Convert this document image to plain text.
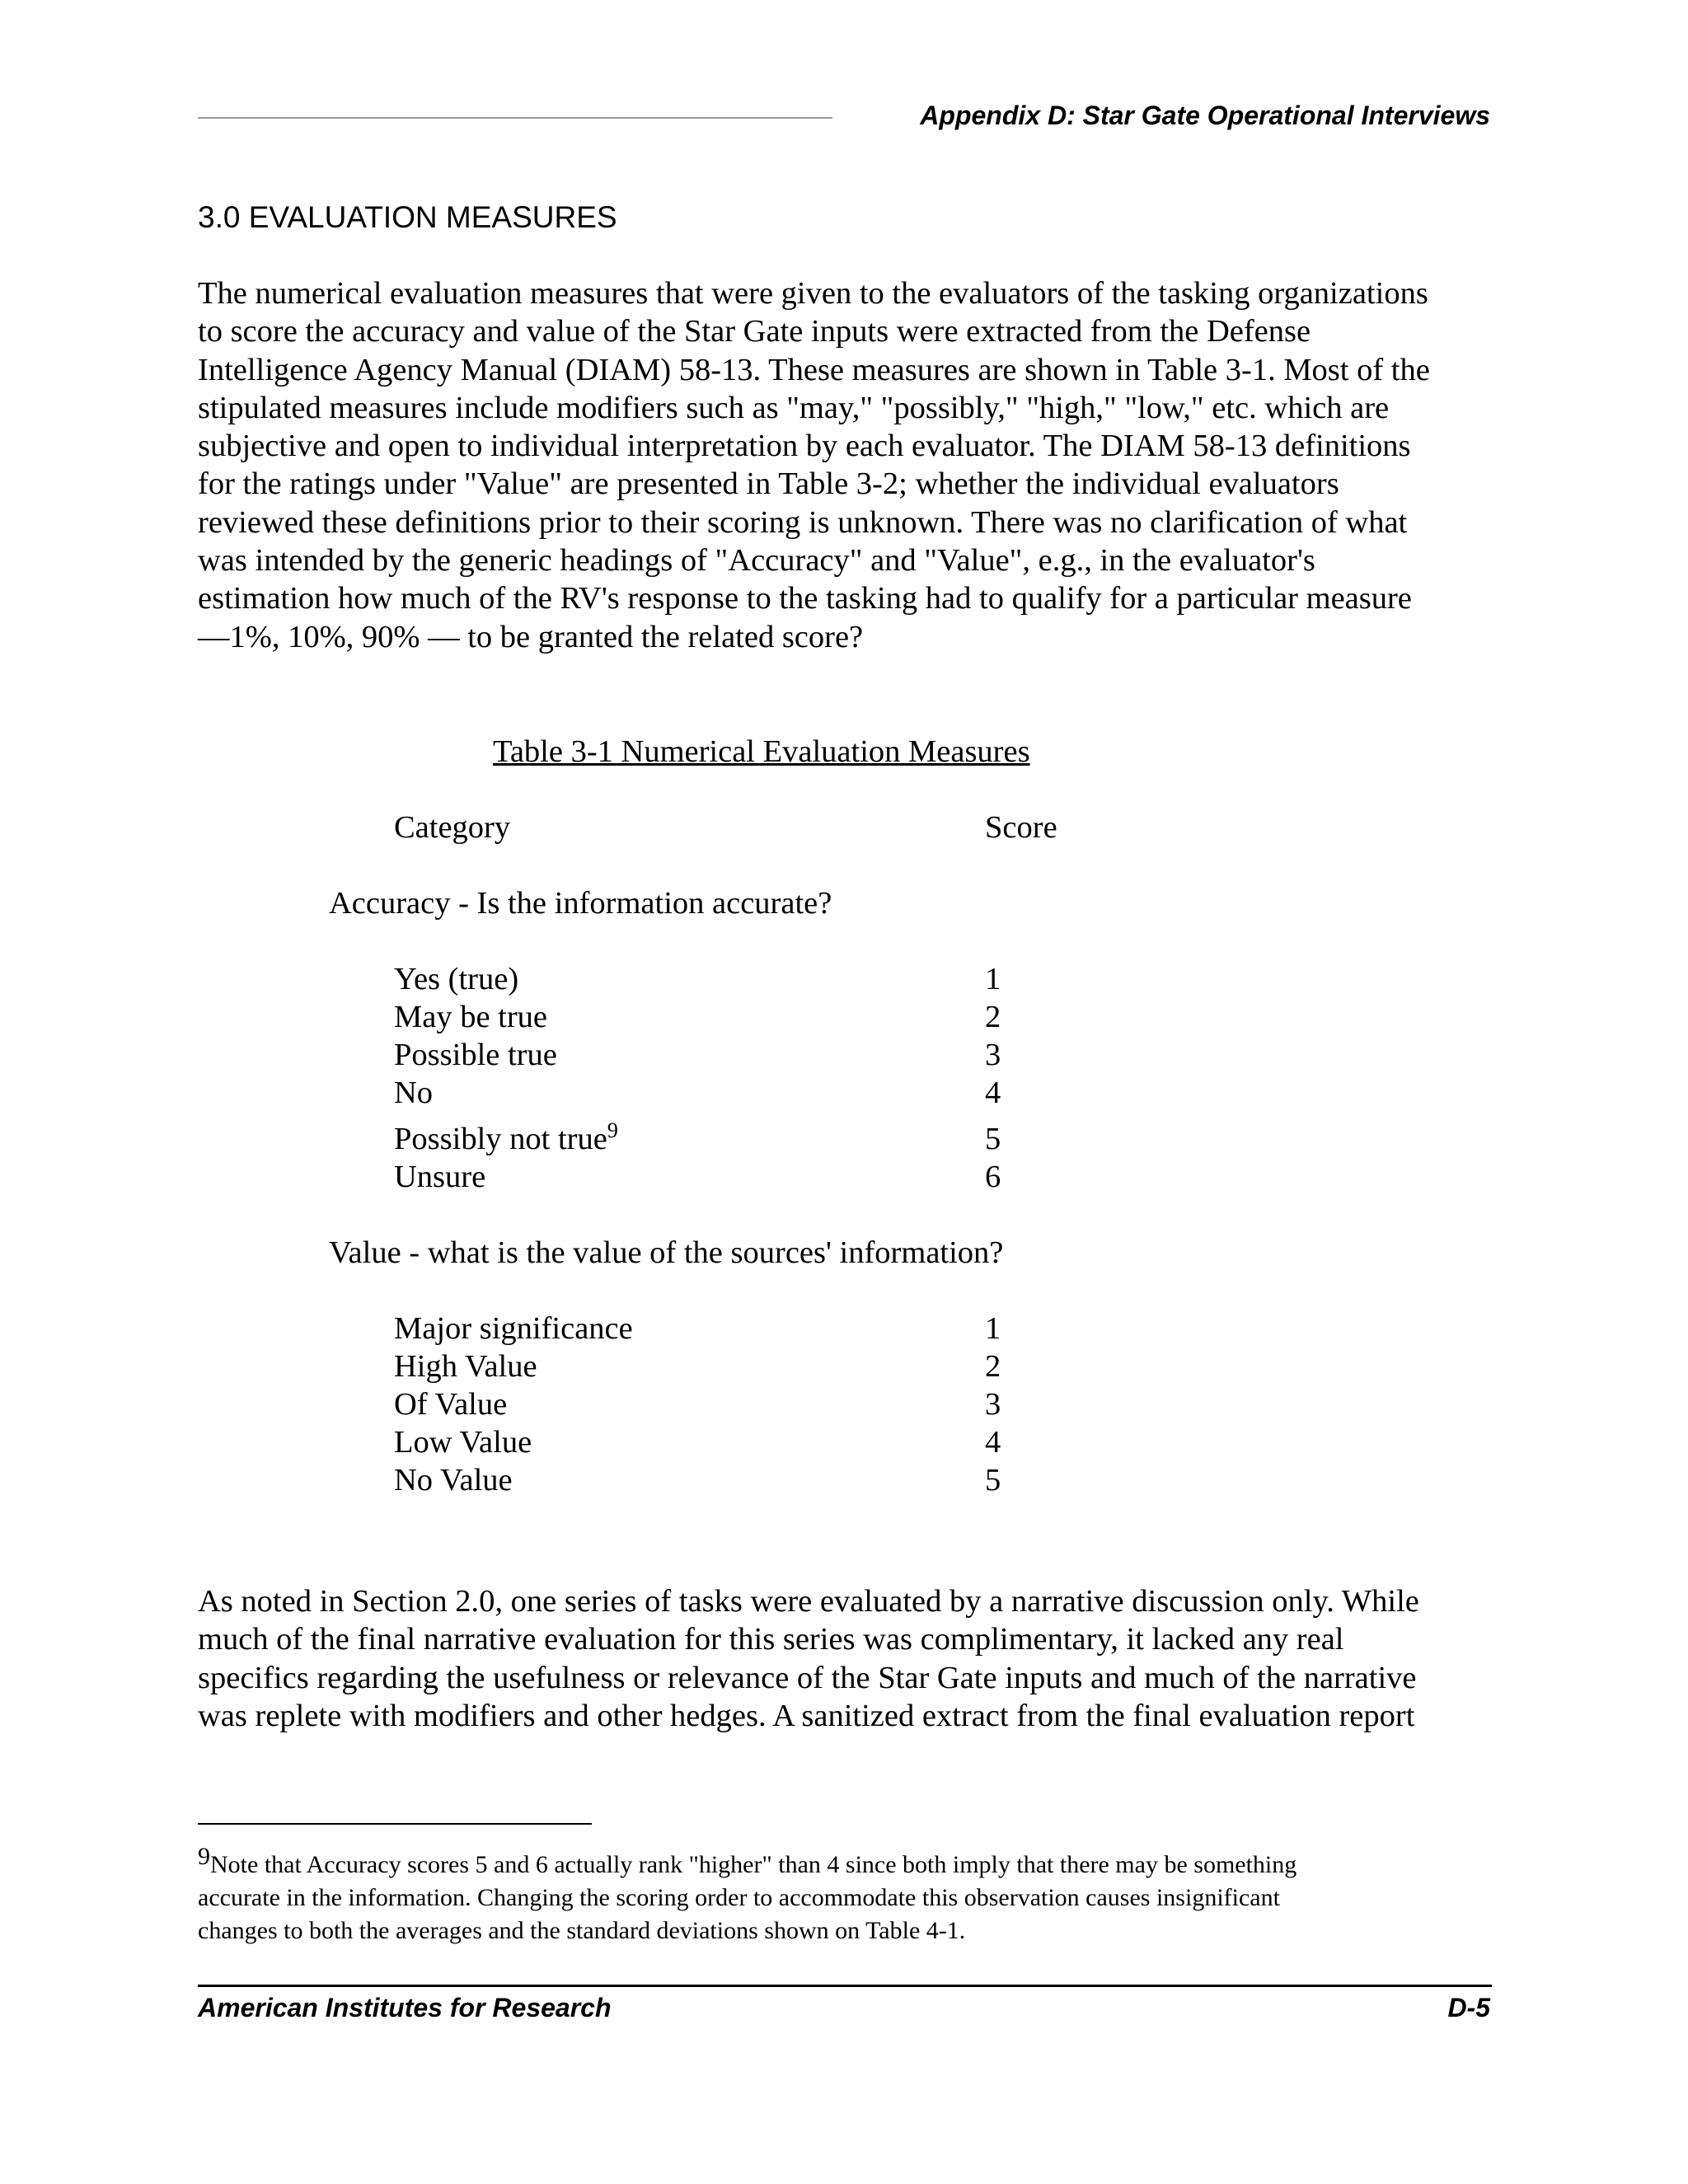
Appendix D: Star Gate Operational Interviews
3.0 EVALUATION MEASURES
The numerical evaluation measures that were given to the evaluators of the tasking organizations
to score the accuracy and value of the Star Gate inputs were extracted from the Defense
Intelligence Agency Manual (DIAM) 58-13. These measures are shown in Table 3-1. Most of the
stipulated measures include modifiers such as "may," "possibly," "high," "low," etc. which are
subjective and open to individual interpretation by each evaluator. The DIAM 58-13 definitions
for the ratings under "Value" are presented in Table 3-2; whether the individual evaluators
reviewed these definitions prior to their scoring is unknown. There was no clarification of what
was intended by the generic headings of "Accuracy" and "Value", e.g., in the evaluator's
estimation how much of the RV's response to the tasking had to qualify for a particular measure
—1%, 10%, 90% — to be granted the related score?
Table 3-1 Numerical Evaluation Measures
Category	Score
Accuracy - Is the information accurate?
Yes (true)	1
May be true	2
Possible true	3
No	4
Possibly not true$^9$	5
Unsure	6
Value - what is the value of the sources' information?
Major significance	1
High Value	2
Of Value	3
Low Value	4
No Value	5
As noted in Section 2.0, one series of tasks were evaluated by a narrative discussion only. While
much of the final narrative evaluation for this series was complimentary, it lacked any real
specifics regarding the usefulness or relevance of the Star Gate inputs and much of the narrative
was replete with modifiers and other hedges. A sanitized extract from the final evaluation report
$^9$Note that Accuracy scores 5 and 6 actually rank "higher" than 4 since both imply that there may be something
accurate in the information. Changing the scoring order to accommodate this observation causes insignificant
changes to both the averages and the standard deviations shown on Table 4-1.
American Institutes for Research	D-5
